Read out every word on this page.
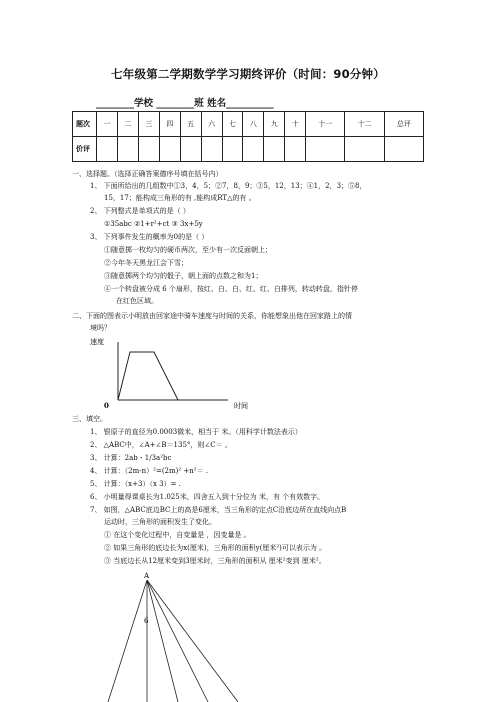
七年级第二学期数学学习期终评价（时间：90分钟）
________学校 ________班 姓名__________
题次	一	二	三	四	五	六	七	八	九	十	十一	十二	总评
价评													
一、选择题。（选择正确答案德序号填在括号内）
1、 下面所给出的几组数中①3，4，5；②7，8，9；③5，12，13；④1，2，3；⑤8，
15，17；能构成三角形的有 ,能构成RT△的有 。
2、 下列整式是单项式的是（ ）
①35abc ②1+r²+ct ③ 3x+5y
3、 下列事件发生的概率为0的是（ ）
①随意掷一枚均匀的硬币两次，至少有一次反面朝上；
②今年冬天黑龙江会下雪；
③随意掷两个均匀的骰子，朝上面的点数之和为1；
④一个转盘被分成 6 个扇形，按红、白、白、红、红、白排列，转动转盘，指针停
在红色区域。
二、下面的图表示小明放由回家途中骑车速度与时间的关系，你能想象出他在回家路上的情
境吗？
速度
0	时间
三、填空。
1、 银原子的直径为0.0003微米，相当于 米。（用科学计数法表示）
2、 △ABC中，∠A+∠B＝135°，则∠C＝ 。
3、 计算：2ab・1/3a²bc
4、 计算：（2m-n）²=(2m)² +n²＝ .
5、 计算：（x+3）（x 3）= .
6、 小明量得课桌长为1.025米，四舍五入到十分位为 米，有 个有效数字。
7、 如图，△ABC底边BC上的高是6厘米，当三角形的定点C沿底边所在直线向点B
运动时，三角形的面积发生了变化。
① 在这个变化过程中，自变量是 ，因变量是 。
② 如果三角形的底边长为x(厘米)，三角形的面积y(厘米²)可以表示为 。
③ 当底边长从12厘米变到3厘米时，三角形的面积从 厘米²变到 厘米²。
A
6
